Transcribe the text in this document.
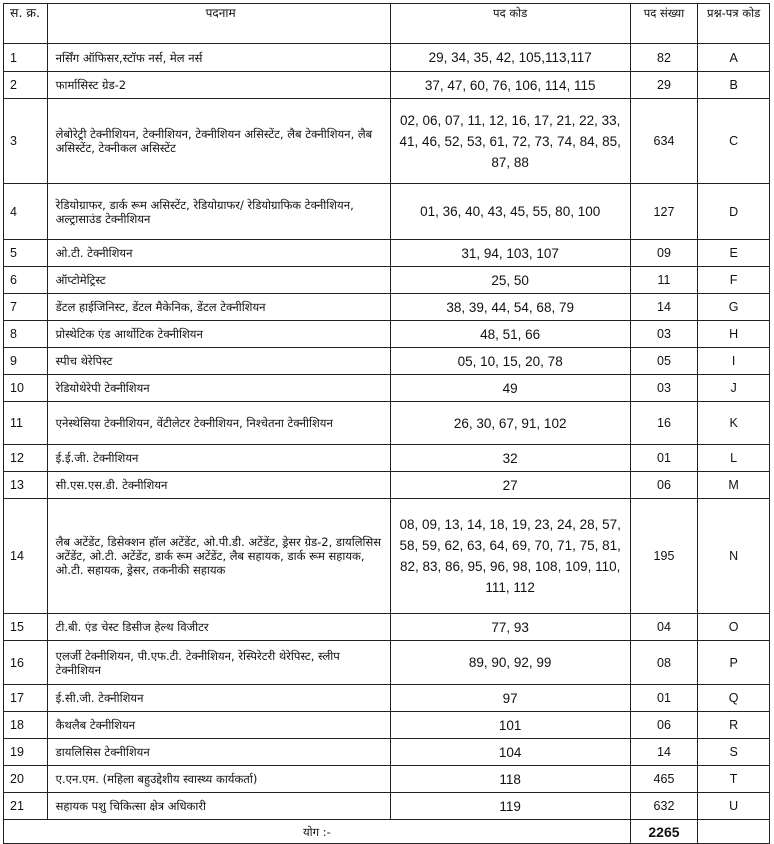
स. क्र.	पदनाम	पद कोड	पद संख्या	प्रश्न-पत्र कोड
1	नर्सिंग ऑफिसर,स्टॉफ नर्स, मेल नर्स	29, 34, 35, 42, 105,113,117	82	A
2	फार्मासिस्ट ग्रेड-2	37, 47, 60, 76, 106, 114, 115	29	B
3	लेबोरेट्री टेक्नीशियन, टेक्नीशियन, टेक्नीशियन असिस्टेंट, लैब टेक्नीशियन, लैब असिस्टेंट, टेक्नीकल असिस्टेंट	02, 06, 07, 11, 12, 16, 17, 21, 22, 33, 41, 46, 52, 53, 61, 72, 73, 74, 84, 85, 87, 88	634	C
4	रेडियोग्राफर, डार्क रूम असिस्टेंट, रेडियोग्राफर/ रेडियोग्राफिक टेक्नीशियन, अल्ट्रासाउंड टेक्नीशियन	01, 36, 40, 43, 45, 55, 80, 100	127	D
5	ओ.टी. टेक्नीशियन	31, 94, 103, 107	09	E
6	ऑप्टोमेट्रिस्ट	25, 50	11	F
7	डेंटल हाईजिनिस्ट, डेंटल मैकेनिक, डेंटल टेक्नीशियन	38, 39, 44, 54, 68, 79	14	G
8	प्रोस्थेटिक एंड आर्थोटिक टेक्नीशियन	48, 51, 66	03	H
9	स्पीच थेरेपिस्ट	05, 10, 15, 20, 78	05	I
10	रेडियोथेरेपी टेक्नीशियन	49	03	J
11	एनेस्थेसिया टेक्नीशियन, वेंटीलेटर टेक्नीशियन, निश्चेतना टेक्नीशियन	26, 30, 67, 91, 102	16	K
12	ई.ई.जी. टेक्नीशियन	32	01	L
13	सी.एस.एस.डी. टेक्नीशियन	27	06	M
14	लैब अटेंडेंट, डिसेक्शन हॉल अटेंडेंट, ओ.पी.डी. अटेंडेंट, ड्रेसर ग्रेड-2, डायलिसिस अटेंडेंट, ओ.टी. अटेंडेंट, डार्क रूम अटेंडेंट, लैब सहायक, डार्क रूम सहायक, ओ.टी. सहायक, ड्रेसर, तकनीकी सहायक	08, 09, 13, 14, 18, 19, 23, 24, 28, 57, 58, 59, 62, 63, 64, 69, 70, 71, 75, 81, 82, 83, 86, 95, 96, 98, 108, 109, 110, 111, 112	195	N
15	टी.बी. एंड चेस्ट डिसीज हेल्थ विजीटर	77, 93	04	O
16	एलर्जी टेक्नीशियन, पी.एफ.टी. टेक्नीशियन, रेस्पिरेटरी थेरेपिस्ट, स्लीप टेक्नीशियन	89, 90, 92, 99	08	P
17	ई.सी.जी. टेक्नीशियन	97	01	Q
18	कैथलैब टेक्नीशियन	101	06	R
19	डायलिसिस टेक्नीशियन	104	14	S
20	ए.एन.एम. (महिला बहुउद्देशीय स्वास्थ्य कार्यकर्ता)	118	465	T
21	सहायक पशु चिकित्सा क्षेत्र अधिकारी	119	632	U
योग :-			2265	
